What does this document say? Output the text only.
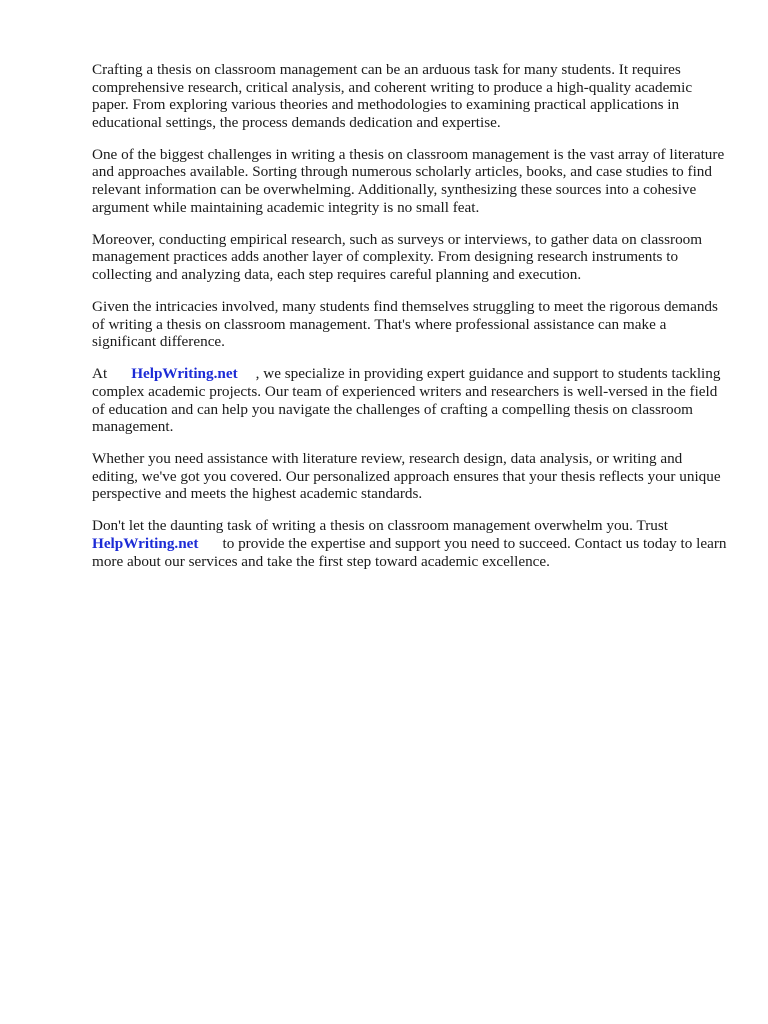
Crafting a thesis on classroom management can be an arduous task for many students. It requires comprehensive research, critical analysis, and coherent writing to produce a high-quality academic paper. From exploring various theories and methodologies to examining practical applications in educational settings, the process demands dedication and expertise.

One of the biggest challenges in writing a thesis on classroom management is the vast array of literature and approaches available. Sorting through numerous scholarly articles, books, and case studies to find relevant information can be overwhelming. Additionally, synthesizing these sources into a cohesive argument while maintaining academic integrity is no small feat.

Moreover, conducting empirical research, such as surveys or interviews, to gather data on classroom management practices adds another layer of complexity. From designing research instruments to collecting and analyzing data, each step requires careful planning and execution.

Given the intricacies involved, many students find themselves struggling to meet the rigorous demands of writing a thesis on classroom management. That's where professional assistance can make a significant difference.

At HelpWriting.net , we specialize in providing expert guidance and support to students tackling complex academic projects. Our team of experienced writers and researchers is well-versed in the field of education and can help you navigate the challenges of crafting a compelling thesis on classroom management.

Whether you need assistance with literature review, research design, data analysis, or writing and editing, we've got you covered. Our personalized approach ensures that your thesis reflects your unique perspective and meets the highest academic standards.

Don't let the daunting task of writing a thesis on classroom management overwhelm you. Trust
HelpWriting.net to provide the expertise and support you need to succeed. Contact us today to learn more about our services and take the first step toward academic excellence.
